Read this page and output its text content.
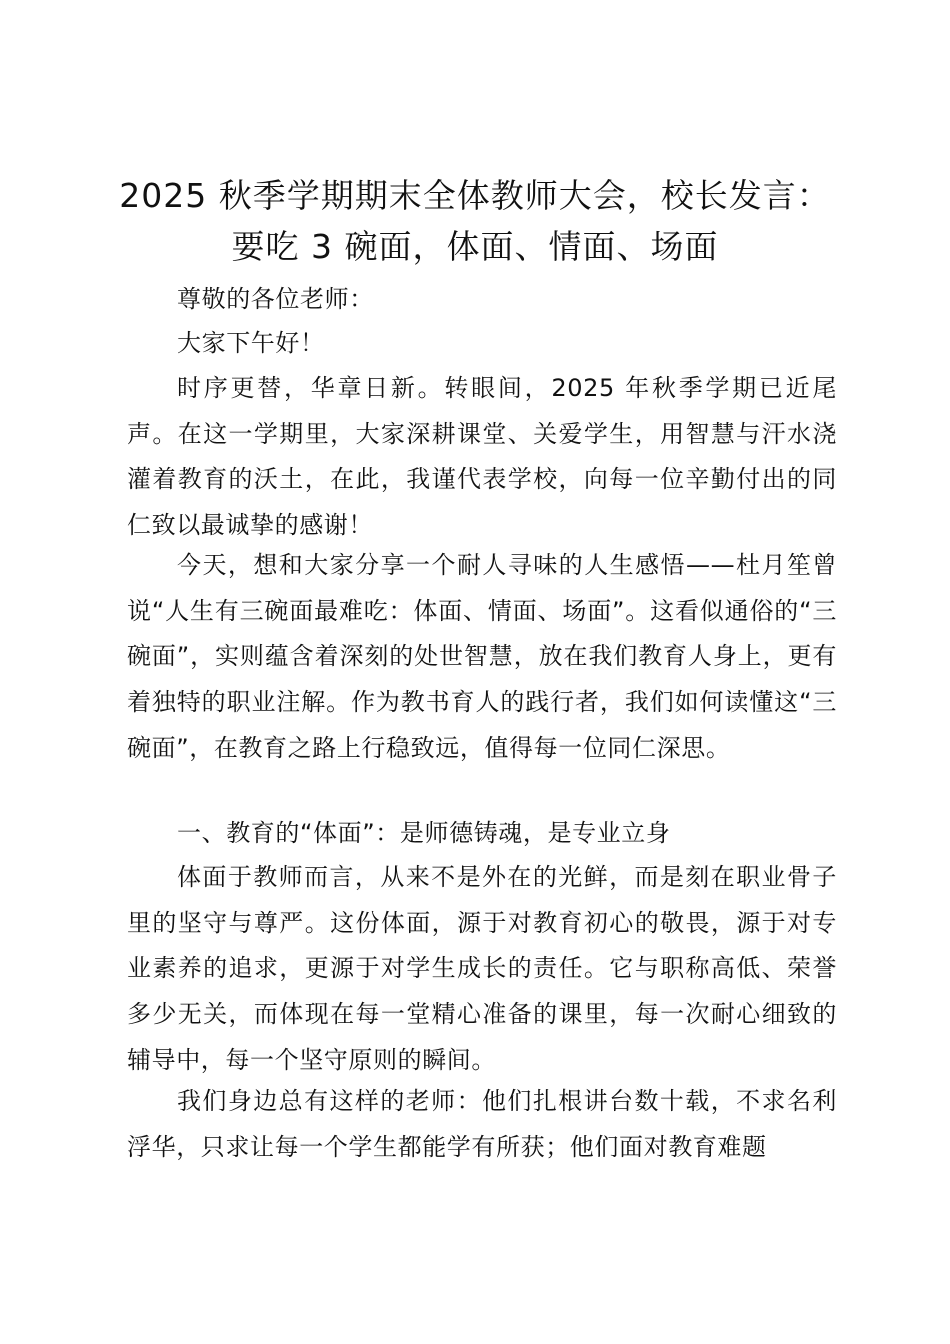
2025 秋季学期期末全体教师大会，校长发言：
要吃 3 碗面，体面、情面、场面

尊敬的各位老师：

大家下午好！

时序更替，华章日新。转眼间，2025 年秋季学期已近尾声。在这一学期里，大家深耕课堂、关爱学生，用智慧与汗水浇灌着教育的沃土，在此，我谨代表学校，向每一位辛勤付出的同仁致以最诚挚的感谢！

今天，想和大家分享一个耐人寻味的人生感悟——杜月笙曾说“人生有三碗面最难吃：体面、情面、场面”。这看似通俗的“三碗面”，实则蕴含着深刻的处世智慧，放在我们教育人身上，更有着独特的职业注解。作为教书育人的践行者，我们如何读懂这“三碗面”，在教育之路上行稳致远，值得每一位同仁深思。

一、教育的“体面”：是师德铸魂，是专业立身

体面于教师而言，从来不是外在的光鲜，而是刻在职业骨子里的坚守与尊严。这份体面，源于对教育初心的敬畏，源于对专业素养的追求，更源于对学生成长的责任。它与职称高低、荣誉多少无关，而体现在每一堂精心准备的课里，每一次耐心细致的辅导中，每一个坚守原则的瞬间。

我们身边总有这样的老师：他们扎根讲台数十载，不求名利浮华，只求让每一个学生都能学有所获；他们面对教育难题
